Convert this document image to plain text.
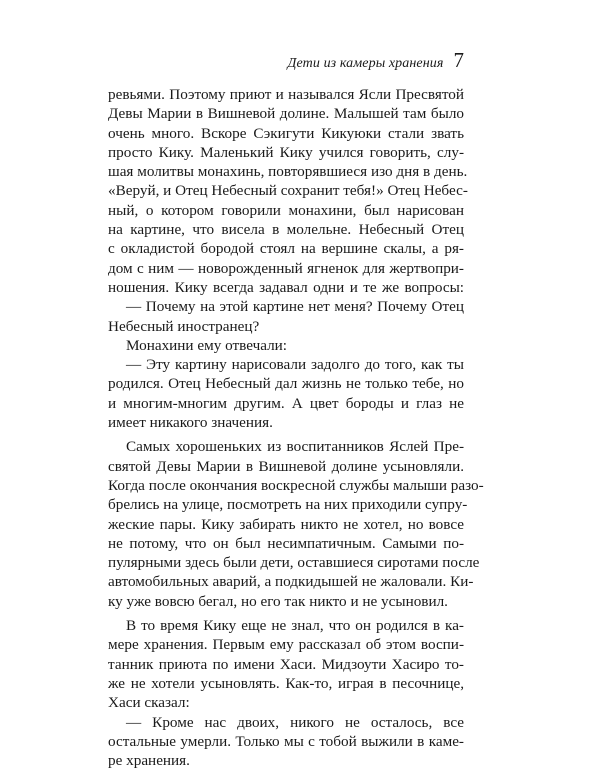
Дети из камеры хранения 7
ревьями. Поэтому приют и назывался Ясли Пресвятой
Девы Марии в Вишневой долине. Малышей там было
очень много. Вскоре Сэкигути Кикуюки стали звать
просто Кику. Маленький Кику учился говорить, слу-
шая молитвы монахинь, повторявшиеся изо дня в день.
«Веруй, и Отец Небесный сохранит тебя!» Отец Небес-
ный, о котором говорили монахини, был нарисован
на картине, что висела в молельне. Небесный Отец
с окладистой бородой стоял на вершине скалы, а ря-
дом с ним — новорожденный ягненок для жертвопри-
ношения. Кику всегда задавал одни и те же вопросы:
— Почему на этой картине нет меня? Почему Отец
Небесный иностранец?
Монахини ему отвечали:
— Эту картину нарисовали задолго до того, как ты
родился. Отец Небесный дал жизнь не только тебе, но
и многим-многим другим. А цвет бороды и глаз не
имеет никакого значения.
Самых хорошеньких из воспитанников Яслей Пре-
святой Девы Марии в Вишневой долине усыновляли.
Когда после окончания воскресной службы малыши разо-
брелись на улице, посмотреть на них приходили супру-
жеские пары. Кику забирать никто не хотел, но вовсе
не потому, что он был несимпатичным. Самыми по-
пулярными здесь были дети, оставшиеся сиротами после
автомобильных аварий, а подкидышей не жаловали. Ки-
ку уже вовсю бегал, но его так никто и не усыновил.
В то время Кику еще не знал, что он родился в ка-
мере хранения. Первым ему рассказал об этом воспи-
танник приюта по имени Хаси. Мидзоути Хасиро то-
же не хотели усыновлять. Как-то, играя в песочнице,
Хаси сказал:
— Кроме нас двоих, никого не осталось, все
остальные умерли. Только мы с тобой выжили в каме-
ре хранения.
